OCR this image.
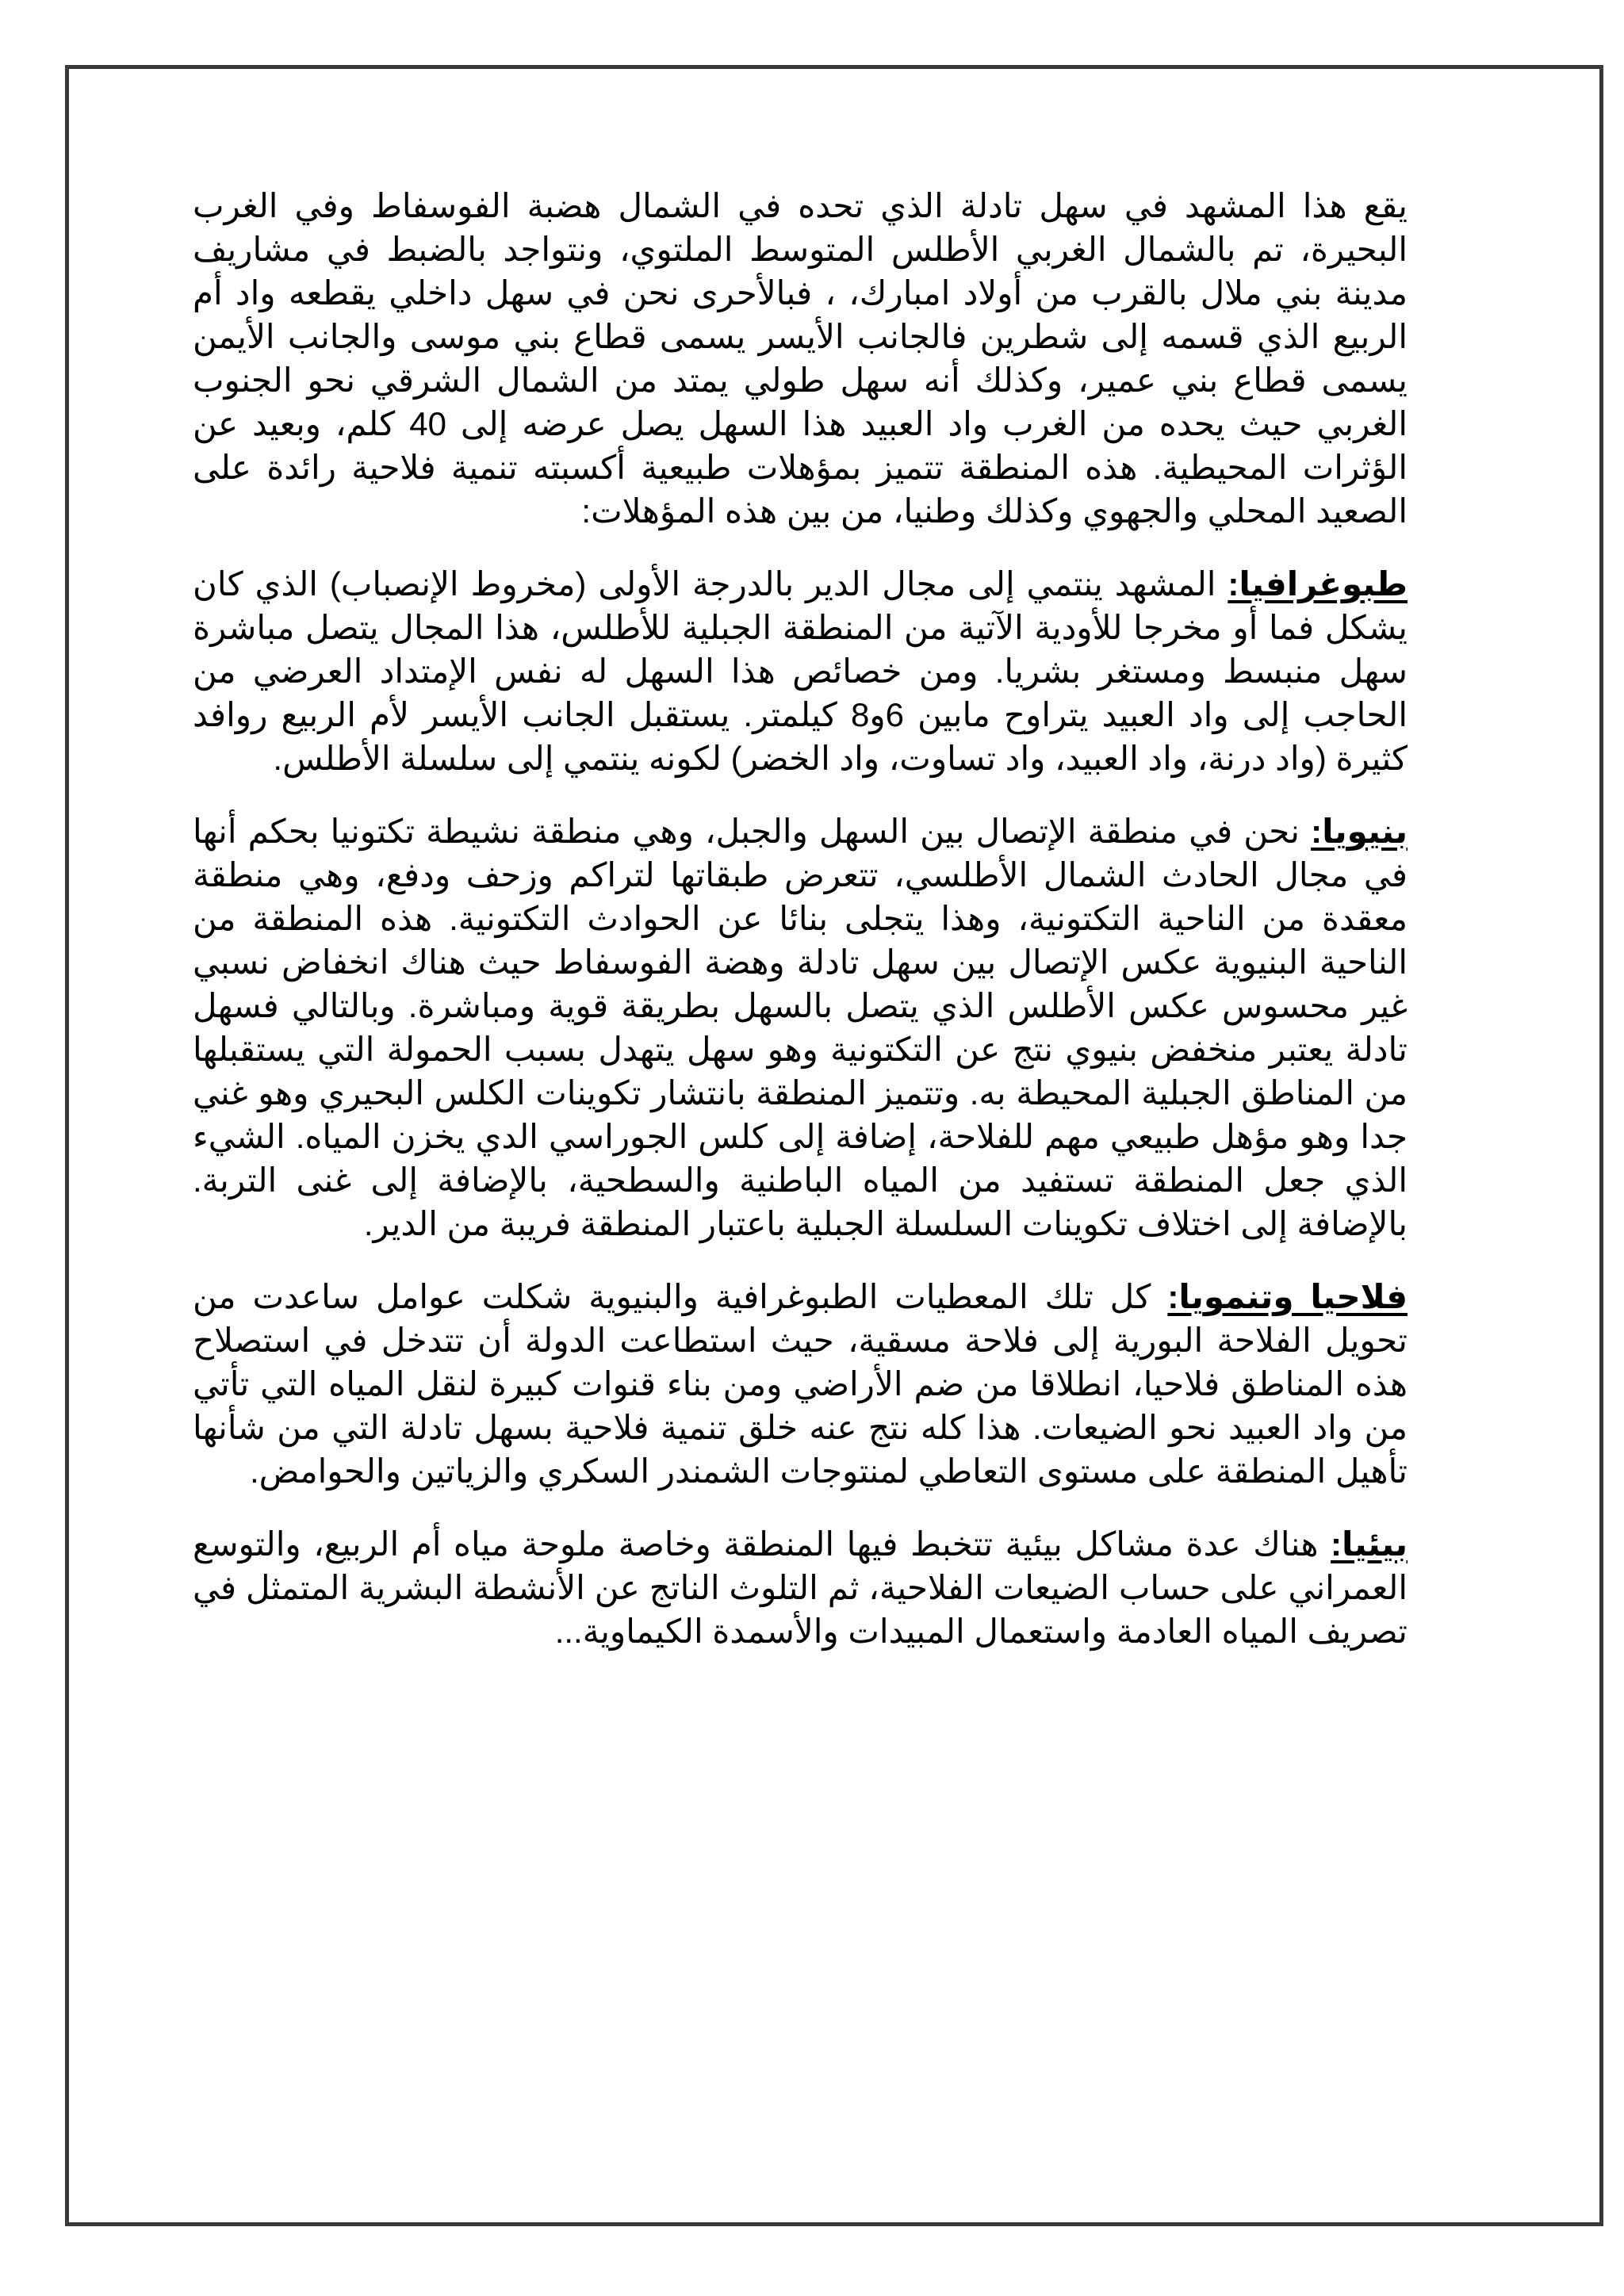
يقع هذا المشهد في سهل تادلة الذي تحده في الشمال هضبة الفوسفاط وفي الغرب البحيرة، تم بالشمال الغربي الأطلس المتوسط الملتوي، ونتواجد بالضبط في مشاريف مدينة بني ملال بالقرب من أولاد امبارك، ، فبالأحرى نحن في سهل داخلي يقطعه واد أم الربيع الذي قسمه إلى شطرين فالجانب الأيسر يسمى قطاع بني موسى والجانب الأيمن يسمى قطاع بني عمير، وكذلك أنه سهل طولي يمتد من الشمال الشرقي نحو الجنوب الغربي حيث يحده من الغرب واد العبيد هذا السهل يصل عرضه إلى 40 كلم، وبعيد عن الؤثرات المحيطية. هذه المنطقة تتميز بمؤهلات طبيعية أكسبته تنمية فلاحية رائدة على الصعيد المحلي والجهوي وكذلك وطنيا، من بين هذه المؤهلات:

طبوغرافيا: المشهد ينتمي إلى مجال الدير بالدرجة الأولى (مخروط الإنصباب) الذي كان يشكل فما أو مخرجا للأودية الآتية من المنطقة الجبلية للأطلس، هذا المجال يتصل مباشرة سهل منبسط ومستغر بشريا. ومن خصائص هذا السهل له نفس الإمتداد العرضي من الحاجب إلى واد العبيد يتراوح مابين 6و8 كيلمتر. يستقبل الجانب الأيسر لأم الربيع روافد كثيرة (واد درنة، واد العبيد، واد تساوت، واد الخضر) لكونه ينتمي إلى سلسلة الأطلس.

بنيويا: نحن في منطقة الإتصال بين السهل والجبل، وهي منطقة نشيطة تكتونيا بحكم أنها في مجال الحادث الشمال الأطلسي، تتعرض طبقاتها لتراكم وزحف ودفع، وهي منطقة معقدة من الناحية التكتونية، وهذا يتجلى بنائا عن الحوادث التكتونية. هذه المنطقة من الناحية البنيوية عكس الإتصال بين سهل تادلة وهضة الفوسفاط حيث هناك انخفاض نسبي غير محسوس عكس الأطلس الذي يتصل بالسهل بطريقة قوية ومباشرة. وبالتالي فسهل تادلة يعتبر منخفض بنيوي نتج عن التكتونية وهو سهل يتهدل بسبب الحمولة التي يستقبلها من المناطق الجبلية المحيطة به. وتتميز المنطقة بانتشار تكوينات الكلس البحيري وهو غني جدا وهو مؤهل طبيعي مهم للفلاحة، إضافة إلى كلس الجوراسي الدي يخزن المياه. الشيء الذي جعل المنطقة تستفيد من المياه الباطنية والسطحية، بالإضافة إلى غنى التربة. بالإضافة إلى اختلاف تكوينات السلسلة الجبلية باعتبار المنطقة فريبة من الدير.

فلاحيا وتنمويا: كل تلك المعطيات الطبوغرافية والبنيوية شكلت عوامل ساعدت من تحويل الفلاحة البورية إلى فلاحة مسقية، حيث استطاعت الدولة أن تتدخل في استصلاح هذه المناطق فلاحيا، انطلاقا من ضم الأراضي ومن بناء قنوات كبيرة لنقل المياه التي تأتي من واد العبيد نحو الضيعات. هذا كله نتج عنه خلق تنمية فلاحية بسهل تادلة التي من شأنها تأهيل المنطقة على مستوى التعاطي لمنتوجات الشمندر السكري والزياتين والحوامض.

بيئيا: هناك عدة مشاكل بيئية تتخبط فيها المنطقة وخاصة ملوحة مياه أم الربيع، والتوسع العمراني على حساب الضيعات الفلاحية، ثم التلوث الناتج عن الأنشطة البشرية المتمثل في تصريف المياه العادمة واستعمال المبيدات والأسمدة الكيماوية...
